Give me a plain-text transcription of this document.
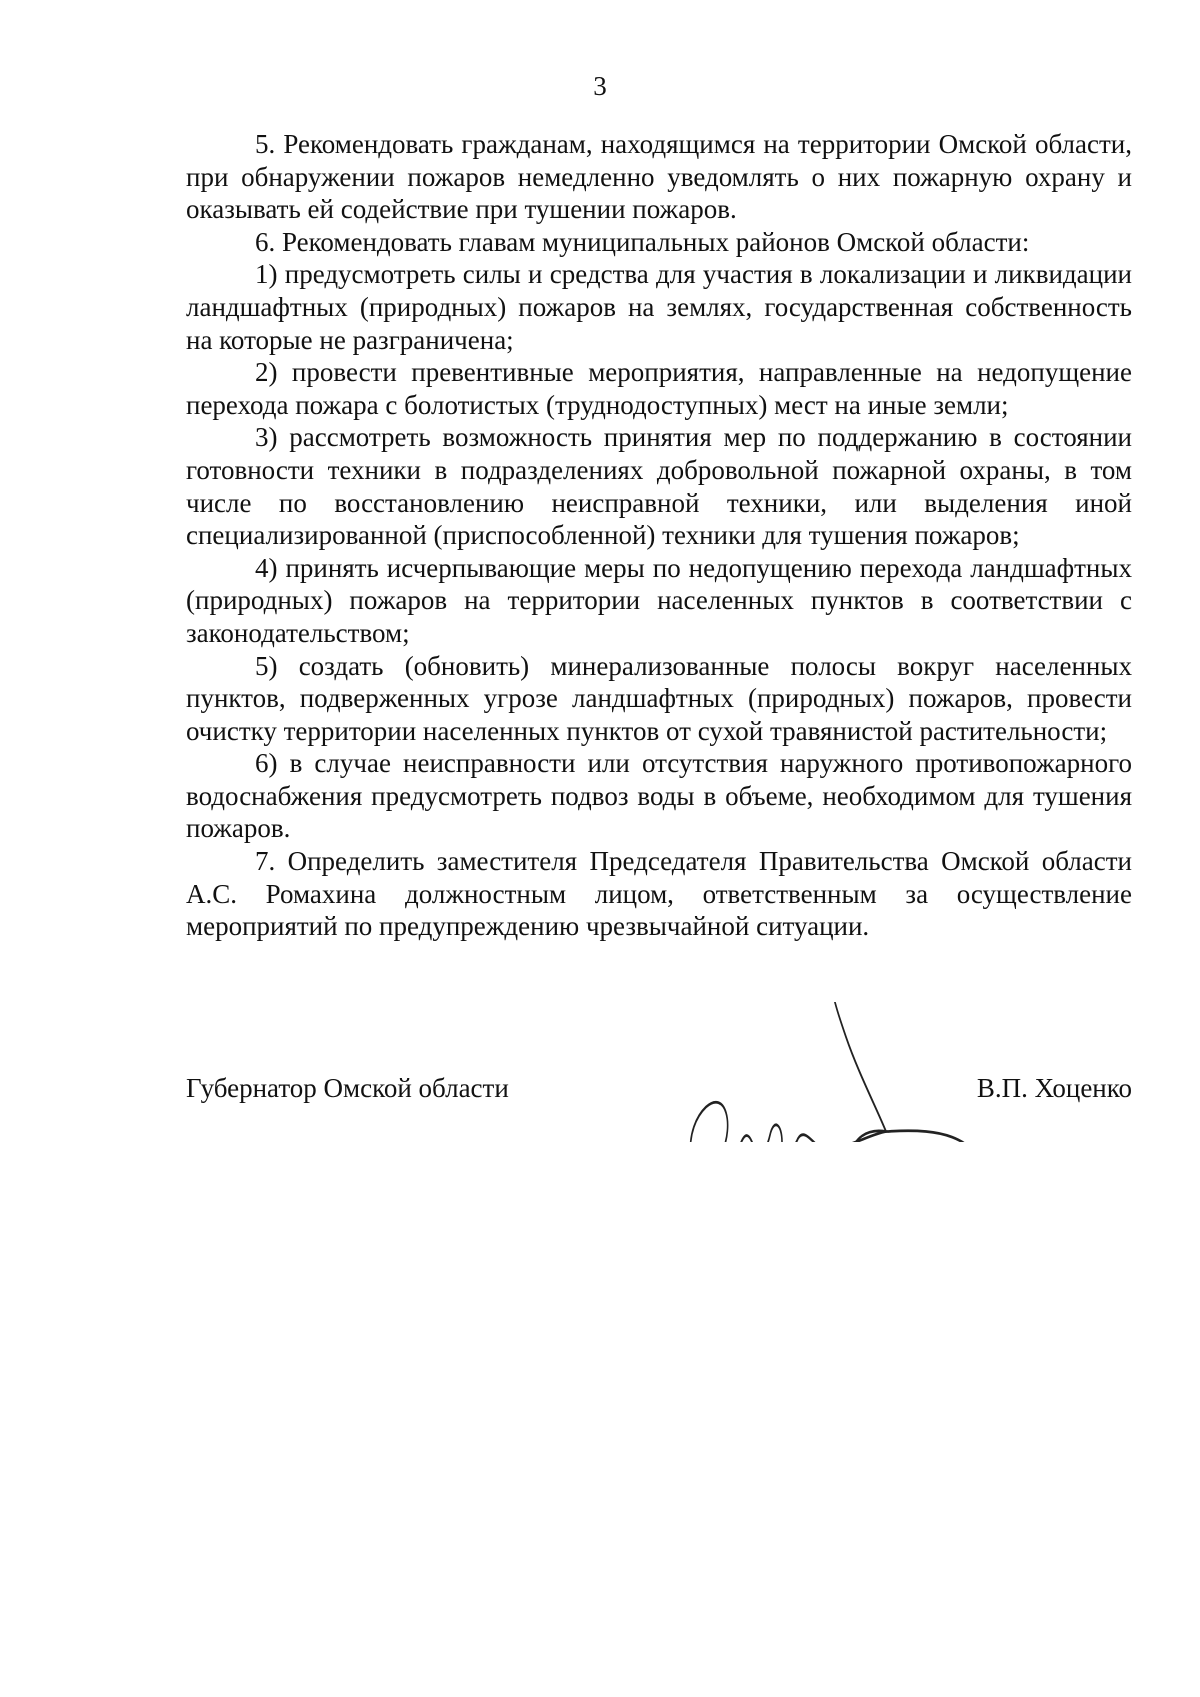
3

5. Рекомендовать гражданам, находящимся на территории Омской области, при обнаружении пожаров немедленно уведомлять о них пожарную охрану и оказывать ей содействие при тушении пожаров.

6. Рекомендовать главам муниципальных районов Омской области:

1) предусмотреть силы и средства для участия в локализации и ликвидации ландшафтных (природных) пожаров на землях, государственная собственность на которые не разграничена;

2) провести превентивные мероприятия, направленные на недопущение перехода пожара с болотистых (труднодоступных) мест на иные земли;

3) рассмотреть возможность принятия мер по поддержанию в состоянии готовности техники в подразделениях добровольной пожарной охраны, в том числе по восстановлению неисправной техники, или выделения иной специализированной (приспособленной) техники для тушения пожаров;

4) принять исчерпывающие меры по недопущению перехода ландшафтных (природных) пожаров на территории населенных пунктов в соответствии с законодательством;

5) создать (обновить) минерализованные полосы вокруг населенных пунктов, подверженных угрозе ландшафтных (природных) пожаров, провести очистку территории населенных пунктов от сухой травянистой растительности;

6) в случае неисправности или отсутствия наружного противопожарного водоснабжения предусмотреть подвоз воды в объеме, необходимом для тушения пожаров.

7. Определить заместителя Председателя Правительства Омской области А.С. Ромахина должностным лицом, ответственным за осуществление мероприятий по предупреждению чрезвычайной ситуации.

Губернатор Омской области	В.П. Хоценко
